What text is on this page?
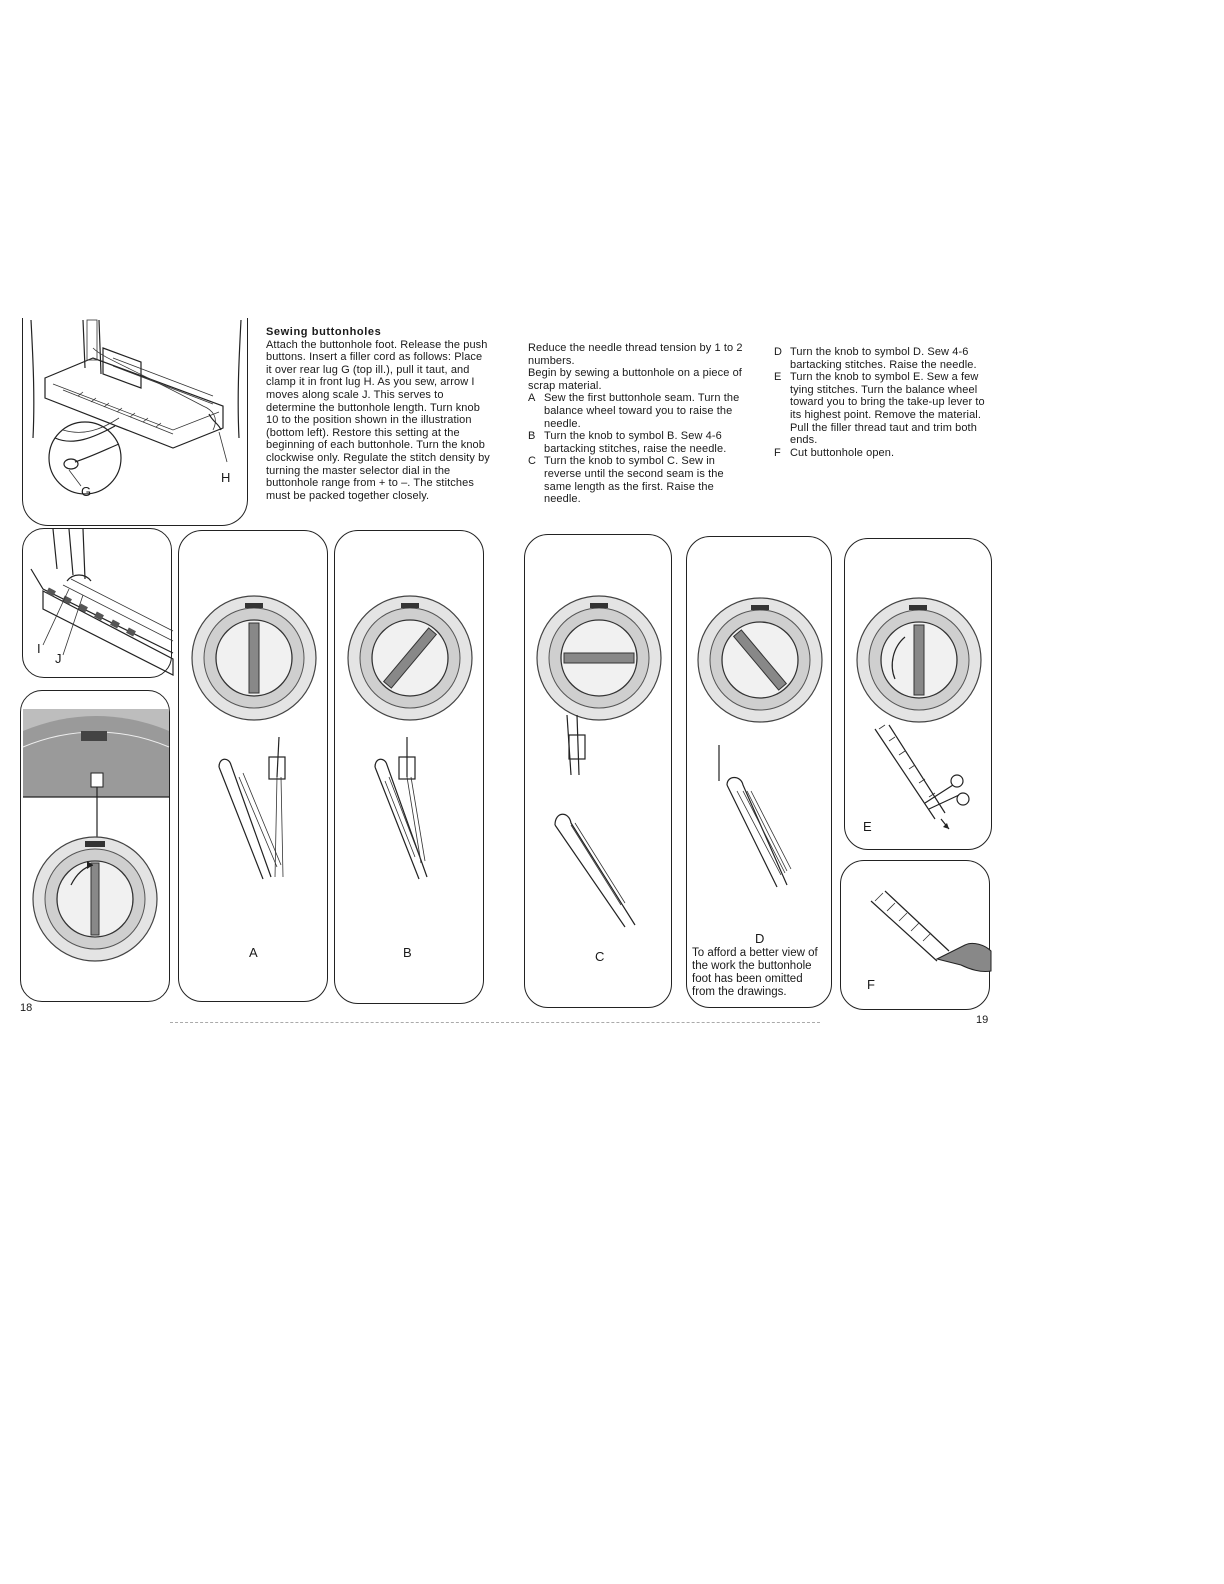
G
H

Sewing buttonholes

Attach the buttonhole foot. Release the push buttons. Insert a filler cord as follows: Place it over rear lug G (top ill.), pull it taut, and clamp it in front lug H. As you sew, arrow I moves along scale J. This serves to determine the buttonhole length. Turn knob 10 to the position shown in the illustration (bottom left). Restore this setting at the beginning of each buttonhole. Turn the knob clockwise only. Regulate the stitch density by turning the master selector dial in the buttonhole range from + to –. The stitches must be packed together closely.

Reduce the needle thread tension by 1 to 2 numbers.

Begin by sewing a buttonhole on a piece of scrap material.

A Sew the first buttonhole seam. Turn the balance wheel toward you to raise the needle.
B Turn the knob to symbol B. Sew 4-6 bartacking stitches, raise the needle.
C Turn the knob to symbol C. Sew in reverse until the second seam is the same length as the first. Raise the needle.
D Turn the knob to symbol D. Sew 4-6 bartacking stitches. Raise the needle.
E Turn the knob to symbol E. Sew a few tying stitches. Turn the balance wheel toward you to bring the take-up lever to its highest point. Remove the material. Pull the filler thread taut and trim both ends.
F Cut buttonhole open.
I
J
A	B	C
D
To afford a better view of the work the buttonhole foot has been omitted from the drawings.
E
F
18
19
